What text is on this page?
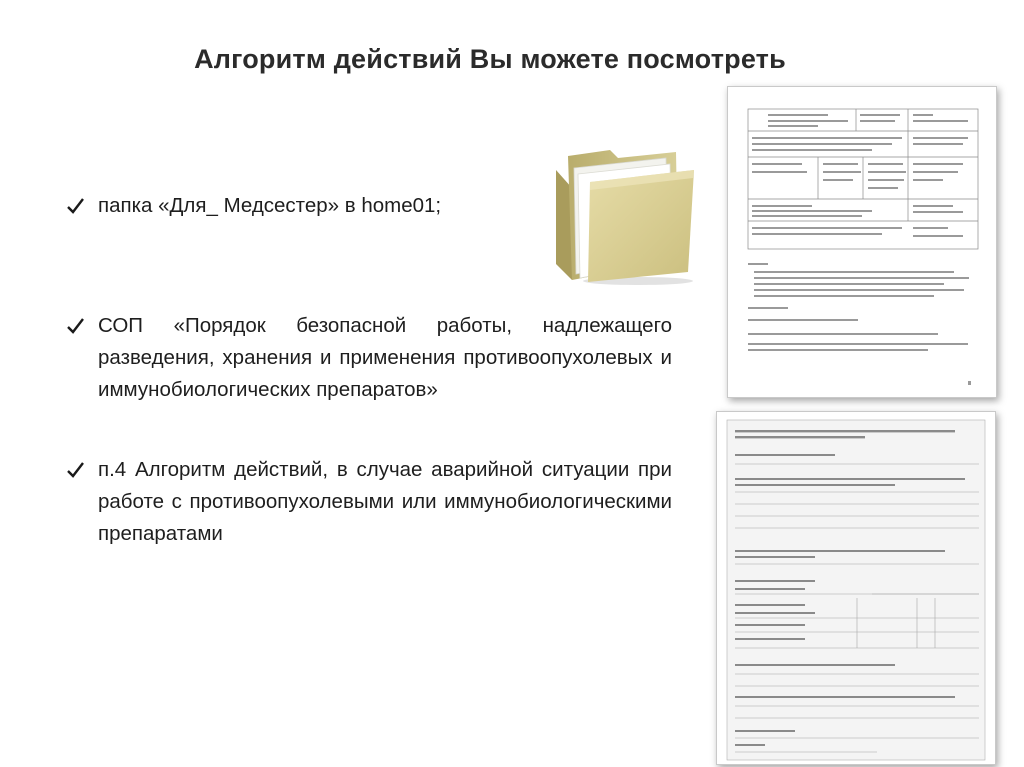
Алгоритм действий Вы можете посмотреть
папка «Для_ Медсестер» в home01;
СОП «Порядок безопасной работы, надлежащего разведения, хранения и применения противоопухолевых и иммунобиологических препаратов»
п.4 Алгоритм действий, в случае аварийной ситуации при работе с противоопухолевыми или иммунобиологическими препаратами
